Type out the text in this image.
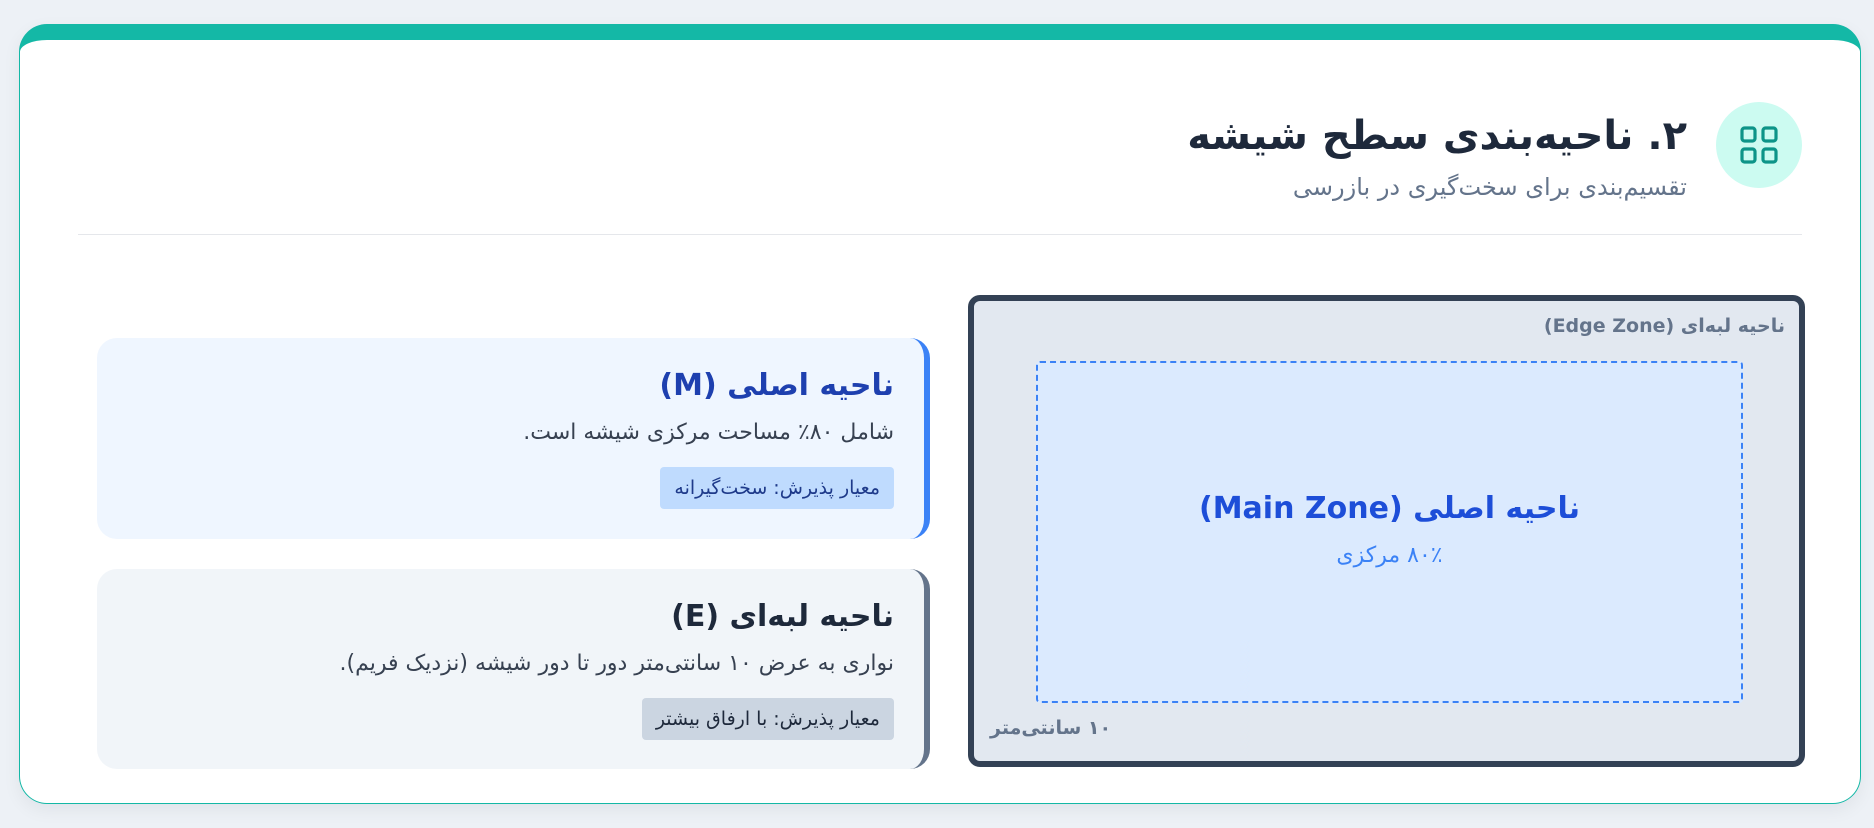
۲. ناحیه‌بندی سطح شیشه
تقسیم‌بندی برای سخت‌گیری در بازرسی
ناحیه اصلی (M)
شامل ۸۰٪ مساحت مرکزی شیشه است.
معیار پذیرش: سخت‌گیرانه
ناحیه لبه‌ای (E)
نواری به عرض ۱۰ سانتی‌متر دور تا دور شیشه (نزدیک فریم).
معیار پذیرش: با ارفاق بیشتر
ناحیه لبه‌ای (Edge Zone)
ناحیه اصلی (Main Zone)
۸۰٪ مرکزی
۱۰ سانتی‌متر
